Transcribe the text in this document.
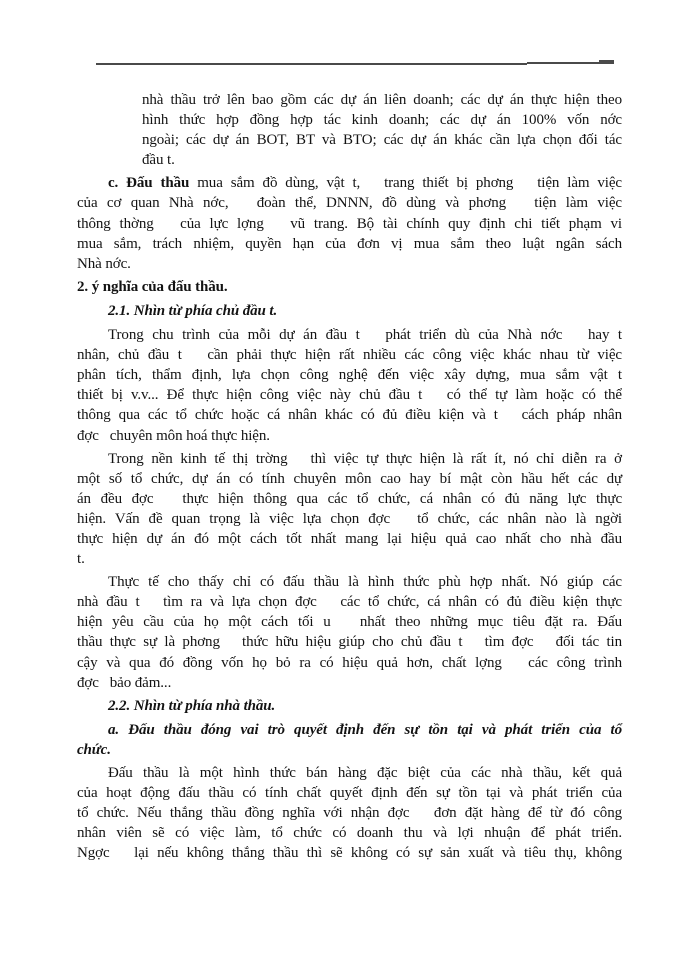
nhà thầu trở lên bao gồm các dự án liên doanh; các dự án thực hiện theo
hình thức hợp đồng hợp tác kinh doanh; các dự án 100% vốn nớc
ngoài; các dự án BOT, BT và BTO; các dự án khác cần lựa chọn đối tác
đầu t.
c. Đấu thầu mua sắm đồ dùng, vật t,   trang thiết bị phơng   tiện làm việc
của cơ quan Nhà nớc,   đoàn thể, DNNN, đồ dùng và phơng   tiện làm việc
thông thờng   của lực lợng   vũ trang. Bộ tài chính quy định chi tiết phạm vi
mua sắm, trách nhiệm, quyền hạn của đơn vị mua sắm theo luật ngân sách
Nhà nớc.
2. ý nghĩa của đấu thầu.
2.1. Nhìn từ phía chủ đầu t.
Trong chu trình của mỗi dự án đầu t   phát triển dù của Nhà nớc   hay t
nhân, chủ đầu t   cần phải thực hiện rất nhiều các công việc khác nhau từ việc
phân tích, thẩm định, lựa chọn công nghệ đến việc xây dựng, mua sắm vật t
thiết bị v.v... Để thực hiện công việc này chủ đầu t   có thể tự làm hoặc có thể
thông qua các tổ chức hoặc cá nhân khác có đủ điều kiện và t   cách pháp nhân
đợc   chuyên môn hoá thực hiện.
Trong nền kinh tế thị trờng   thì việc tự thực hiện là rất ít, nó chỉ diễn ra ở
một số tổ chức, dự án có tính chuyên môn cao hay bí mật còn hầu hết các dự
án đều đợc   thực hiện thông qua các tổ chức, cá nhân có đủ năng lực thực
hiện. Vấn đề quan trọng là việc lựa chọn đợc   tổ chức, các nhân nào là ngời
thực hiện dự án đó một cách tốt nhất mang lại hiệu quả cao nhất cho nhà đầu
t.
Thực tế cho thấy chỉ có đấu thầu là hình thức phù hợp nhất. Nó giúp các
nhà đầu t   tìm ra và lựa chọn đợc   các tổ chức, cá nhân có đủ điều kiện thực
hiện yêu cầu của họ một cách tối u   nhất theo những mục tiêu đặt ra. Đấu
thầu thực sự là phơng   thức hữu hiệu giúp cho chủ đầu t   tìm đợc   đối tác tin
cậy và qua đó đồng vốn họ bỏ ra có hiệu quả hơn, chất lợng   các công trình
đợc   bảo đảm...
2.2. Nhìn từ phía nhà thầu.
a. Đấu thầu đóng vai trò quyết định đến sự tồn tại và phát triển của tổ
chức.
Đấu thầu là một hình thức bán hàng đặc biệt của các nhà thầu, kết quả
của hoạt động đấu thầu có tính chất quyết định đến sự tồn tại và phát triển của
tổ chức. Nếu thắng thầu đồng nghĩa với nhận đợc   đơn đặt hàng để từ đó công
nhân viên sẽ có việc làm, tổ chức có doanh thu và lợi nhuận để phát triển.
Ngợc   lại nếu không thắng thầu thì sẽ không có sự sản xuất và tiêu thụ, không
